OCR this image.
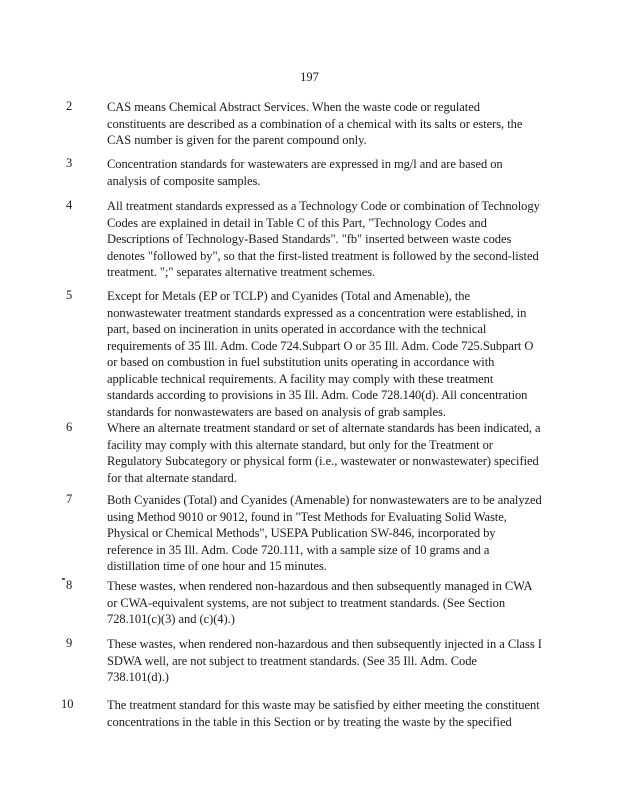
197
2	CAS means Chemical Abstract Services. When the waste code or regulated
constituents are described as a combination of a chemical with its salts or esters, the
CAS number is given for the parent compound only.
3	Concentration standards for wastewaters are expressed in mg/l and are based on
analysis of composite samples.
4	All treatment standards expressed as a Technology Code or combination of Technology
Codes are explained in detail in Table C of this Part, "Technology Codes and
Descriptions of Technology-Based Standards". "fb" inserted between waste codes
denotes "followed by", so that the first-listed treatment is followed by the second-listed
treatment. ";" separates alternative treatment schemes.
5	Except for Metals (EP or TCLP) and Cyanides (Total and Amenable), the
nonwastewater treatment standards expressed as a concentration were established, in
part, based on incineration in units operated in accordance with the technical
requirements of 35 Ill. Adm. Code 724.Subpart O or 35 Ill. Adm. Code 725.Subpart O
or based on combustion in fuel substitution units operating in accordance with
applicable technical requirements. A facility may comply with these treatment
standards according to provisions in 35 Ill. Adm. Code 728.140(d). All concentration
standards for nonwastewaters are based on analysis of grab samples.
6	Where an alternate treatment standard or set of alternate standards has been indicated, a
facility may comply with this alternate standard, but only for the Treatment or
Regulatory Subcategory or physical form (i.e., wastewater or nonwastewater) specified
for that alternate standard.
7	Both Cyanides (Total) and Cyanides (Amenable) for nonwastewaters are to be analyzed
using Method 9010 or 9012, found in "Test Methods for Evaluating Solid Waste,
Physical or Chemical Methods", USEPA Publication SW-846, incorporated by
reference in 35 Ill. Adm. Code 720.111, with a sample size of 10 grams and a
distillation time of one hour and 15 minutes.
8	These wastes, when rendered non-hazardous and then subsequently managed in CWA
or CWA-equivalent systems, are not subject to treatment standards. (See Section
728.101(c)(3) and (c)(4).)
9	These wastes, when rendered non-hazardous and then subsequently injected in a Class I
SDWA well, are not subject to treatment standards. (See 35 Ill. Adm. Code
738.101(d).)
10	The treatment standard for this waste may be satisfied by either meeting the constituent
concentrations in the table in this Section or by treating the waste by the specified
